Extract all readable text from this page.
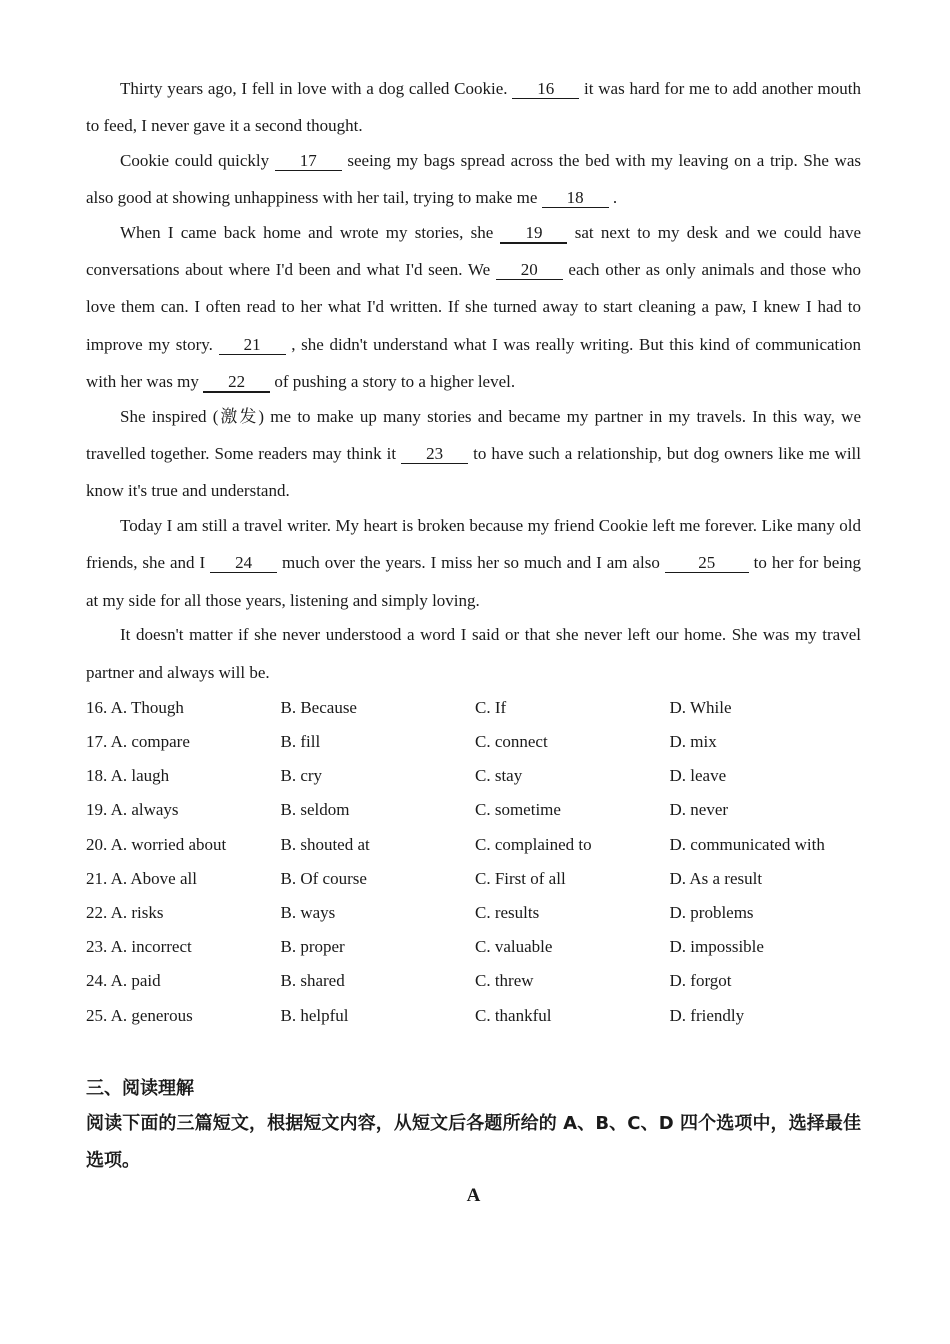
Thirty years ago, I fell in love with a dog called Cookie. 16 it was hard for me to add another mouth to feed, I never gave it a second thought.

Cookie could quickly 17 seeing my bags spread across the bed with my leaving on a trip. She was also good at showing unhappiness with her tail, trying to make me 18 .

When I came back home and wrote my stories, she 19 sat next to my desk and we could have conversations about where I'd been and what I'd seen. We 20 each other as only animals and those who love them can. I often read to her what I'd written. If she turned away to start cleaning a paw, I knew I had to improve my story. 21 , she didn't understand what I was really writing. But this kind of communication with her was my 22 of pushing a story to a higher level.

She inspired (激发) me to make up many stories and became my partner in my travels. In this way, we travelled together. Some readers may think it 23 to have such a relationship, but dog owners like me will know it's true and understand.

Today I am still a travel writer. My heart is broken because my friend Cookie left me forever. Like many old friends, she and I 24 much over the years. I miss her so much and I am also 25 to her for being at my side for all those years, listening and simply loving.

It doesn't matter if she never understood a word I said or that she never left our home. She was my travel partner and always will be.

16. A. Though	B. Because	C. If	D. While
17. A. compare	B. fill	C. connect	D. mix
18. A. laugh	B. cry	C. stay	D. leave
19. A. always	B. seldom	C. sometime	D. never
20. A. worried about	B. shouted at	C. complained to	D. communicated with
21. A. Above all	B. Of course	C. First of all	D. As a result
22. A. risks	B. ways	C. results	D. problems
23. A. incorrect	B. proper	C. valuable	D. impossible
24. A. paid	B. shared	C. threw	D. forgot
25. A. generous	B. helpful	C. thankful	D. friendly
三、阅读理解
阅读下面的三篇短文，根据短文内容，从短文后各题所给的 A、B、C、D 四个选项中，选择最佳选项。
A
